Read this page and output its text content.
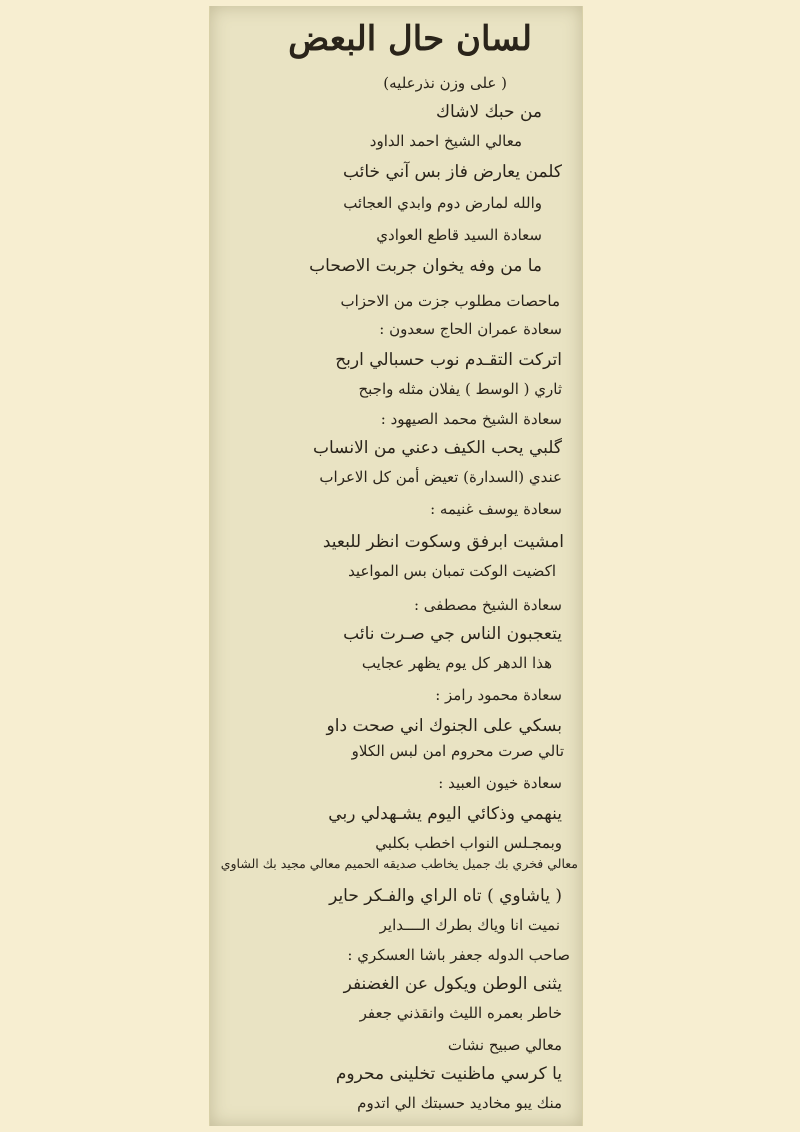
لسان حال البعض
( على وزن نذرعليه)
من حبك لاشاك
معالي الشيخ احمد الداود
كلمن يعارض فاز بس آني خائب
والله لمارض دوم وابدي العجائب
سعادة السيد قاطع العوادي
ما من وفه يخوان جربت الاصحاب
ماحصات مطلوب جزت من الاحزاب
سعادة عمران الحاج سعدون :
اتركت التقـدم نوب حسبالي اربح
ثاري ( الوسط ) يفلان مثله واجبح
سعادة الشيخ محمد الصيهود :
گلبي يحب الكيف دعني من الانساب
عندي (السدارة) تعيض أمن كل الاعراب
سعادة يوسف غنيمه :
امشيت ابرفق وسكوت انظر للبعيد
اكضيت الوكت تمبان بس المواعيد
سعادة الشيخ مصطفى :
يتعجبون الناس جي صـرت نائب
هذا الدهر كل يوم يظهر عجايب
سعادة محمود رامز :
بسكي على الجنوك اني صحت داو
تالي صرت محروم امن لبس الكلاو
سعادة خيون العبيد :
ينهمي وذكائي اليوم يشـهدلي ربي
وبمجـلس النواب اخطب بكلبي
معالي فخري بك جميل يخاطب صديقه الحميم معالي مجيد بك الشاوي
( ياشاوي ) تاه الراي والفـكر حاير
نميت انا وياك بطرك الــــداير
صاحب الدوله جعفر باشا العسكري :
يثنى الوطن ويكول عن الغضنفر
خاطر بعمره الليث وانقذني جعفر
معالي صبيح نشات
يا كرسي ماظنيت تخلينى محروم
منك يبو مخاديد حسبتك الي اتدوم
